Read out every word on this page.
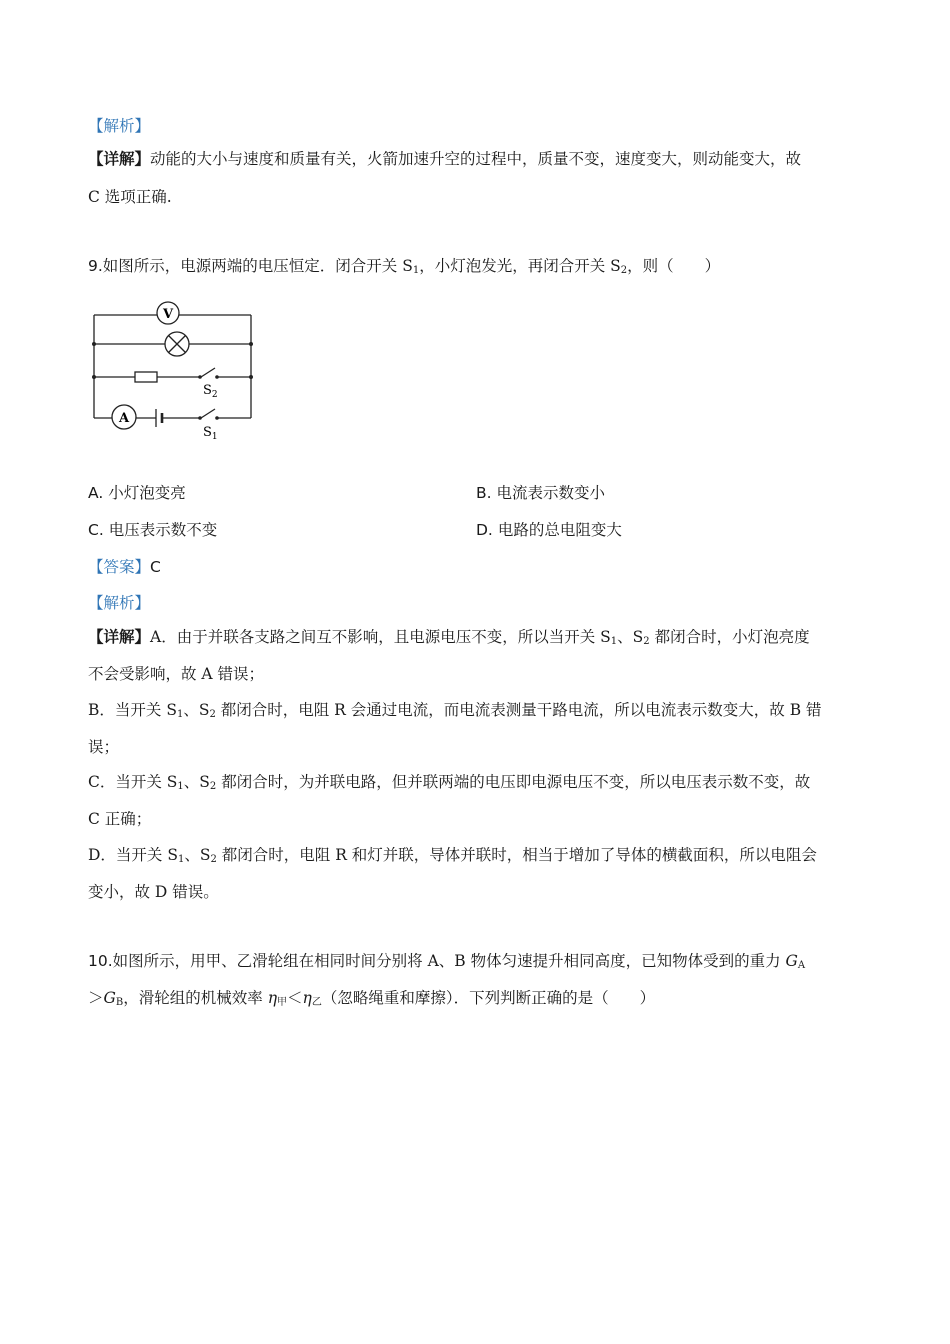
【解析】
【详解】动能的大小与速度和质量有关，火箭加速升空的过程中，质量不变，速度变大，则动能变大，故
C 选项正确.
9.如图所示，电源两端的电压恒定．闭合开关 $S_1$，小灯泡发光，再闭合开关 $S_2$，则（　　）
V
A
$S_2$
$S_1$
A. 小灯泡变亮	B. 电流表示数变小
C. 电压表示数不变	D. 电路的总电阻变大
【答案】C
【解析】
【详解】A．由于并联各支路之间互不影响，且电源电压不变，所以当开关 $S_1$、$S_2$ 都闭合时，小灯泡亮度
不会受影响，故 A 错误；
B．当开关 $S_1$、$S_2$ 都闭合时，电阻 R 会通过电流，而电流表测量干路电流，所以电流表示数变大，故 B 错
误；
C．当开关 $S_1$、$S_2$ 都闭合时，为并联电路，但并联两端的电压即电源电压不变，所以电压表示数不变，故
C 正确；
D．当开关 $S_1$、$S_2$ 都闭合时，电阻 R 和灯并联，导体并联时，相当于增加了导体的横截面积，所以电阻会
变小，故 D 错误。
10.如图所示，用甲、乙滑轮组在相同时间分别将 A、B 物体匀速提升相同高度，已知物体受到的重力 $G_A$
$>G_B$，滑轮组的机械效率 $\eta_甲<\eta_乙$（忽略绳重和摩擦）．下列判断正确的是（　　）
